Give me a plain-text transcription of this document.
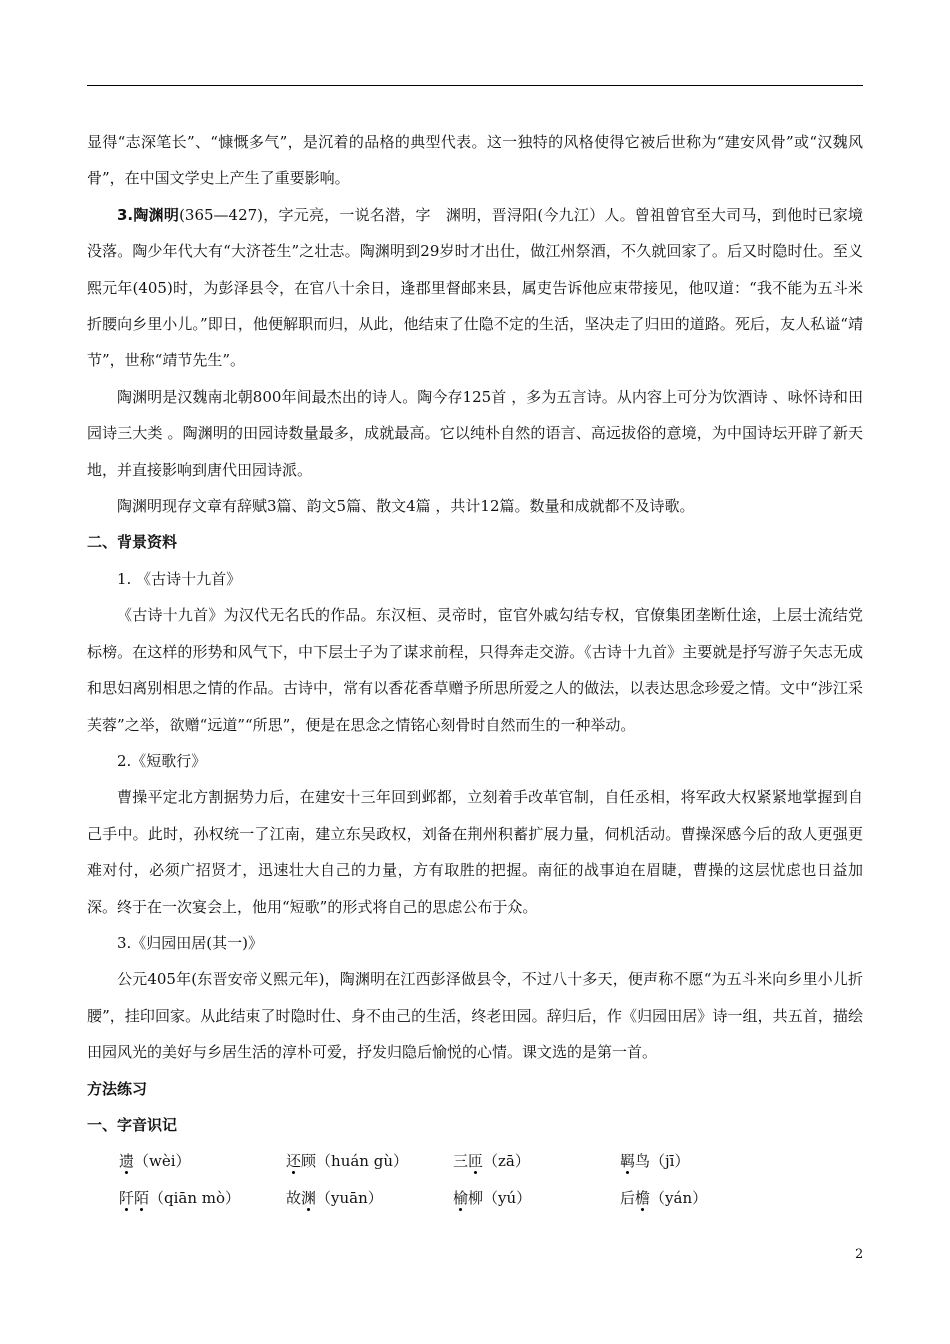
显得“志深笔长”、“慷慨多气”，是沉着的品格的典型代表。这一独特的风格使得它被后世称为“建安风骨”或“汉魏风骨”，在中国文学史上产生了重要影响。

3.陶渊明(365—427)，字元亮，一说名潜，字　渊明，晋浔阳(今九江）人。曾祖曾官至大司马，到他时已家境没落。陶少年代大有“大济苍生”之壮志。陶渊明到29岁时才出仕，做江州祭酒，不久就回家了。后又时隐时仕。至义熙元年(405)时，为彭泽县令，在官八十余日，逢郡里督邮来县，属吏告诉他应束带接见，他叹道：“我不能为五斗米折腰向乡里小儿。”即日，他便解职而归，从此，他结束了仕隐不定的生活，坚决走了归田的道路。死后，友人私谥“靖节”，世称“靖节先生”。

陶渊明是汉魏南北朝800年间最杰出的诗人。陶今存125首 ，多为五言诗。从内容上可分为饮酒诗 、咏怀诗和田园诗三大类 。陶渊明的田园诗数量最多，成就最高。它以纯朴自然的语言、高远拔俗的意境，为中国诗坛开辟了新天地，并直接影响到唐代田园诗派。

陶渊明现存文章有辞赋3篇、韵文5篇、散文4篇 ，共计12篇。数量和成就都不及诗歌。

二、背景资料

1. 《古诗十九首》

《古诗十九首》为汉代无名氏的作品。东汉桓、灵帝时，宦官外戚勾结专权，官僚集团垄断仕途，上层士流结党标榜。在这样的形势和风气下，中下层士子为了谋求前程，只得奔走交游。《古诗十九首》主要就是抒写游子矢志无成和思妇离别相思之情的作品。古诗中，常有以香花香草赠予所思所爱之人的做法，以表达思念珍爱之情。文中“涉江采芙蓉”之举，欲赠“远道”“所思”，便是在思念之情铭心刻骨时自然而生的一种举动。

2.《短歌行》

曹操平定北方割据势力后，在建安十三年回到邺都，立刻着手改革官制，自任丞相，将军政大权紧紧地掌握到自己手中。此时，孙权统一了江南，建立东吴政权，刘备在荆州积蓄扩展力量，伺机活动。曹操深感今后的敌人更强更难对付，必须广招贤才，迅速壮大自己的力量，方有取胜的把握。南征的战事迫在眉睫，曹操的这层忧虑也日益加深。终于在一次宴会上，他用“短歌”的形式将自己的思虑公布于众。

3.《归园田居(其一)》

公元405年(东晋安帝义熙元年)，陶渊明在江西彭泽做县令，不过八十多天，便声称不愿“为五斗米向乡里小儿折腰”，挂印回家。从此结束了时隐时仕、身不由己的生活，终老田园。辞归后，作《归园田居》诗一组，共五首，描绘田园风光的美好与乡居生活的淳朴可爱，抒发归隐后愉悦的心情。课文选的是第一首。

方法练习

一、字音识记

遗（wèi）	还顾（huán gù）	三匝（zā）	羁鸟（jī）
阡陌（qiān mò）	故渊（yuān）	榆柳（yú）	后檐（yán）
2
